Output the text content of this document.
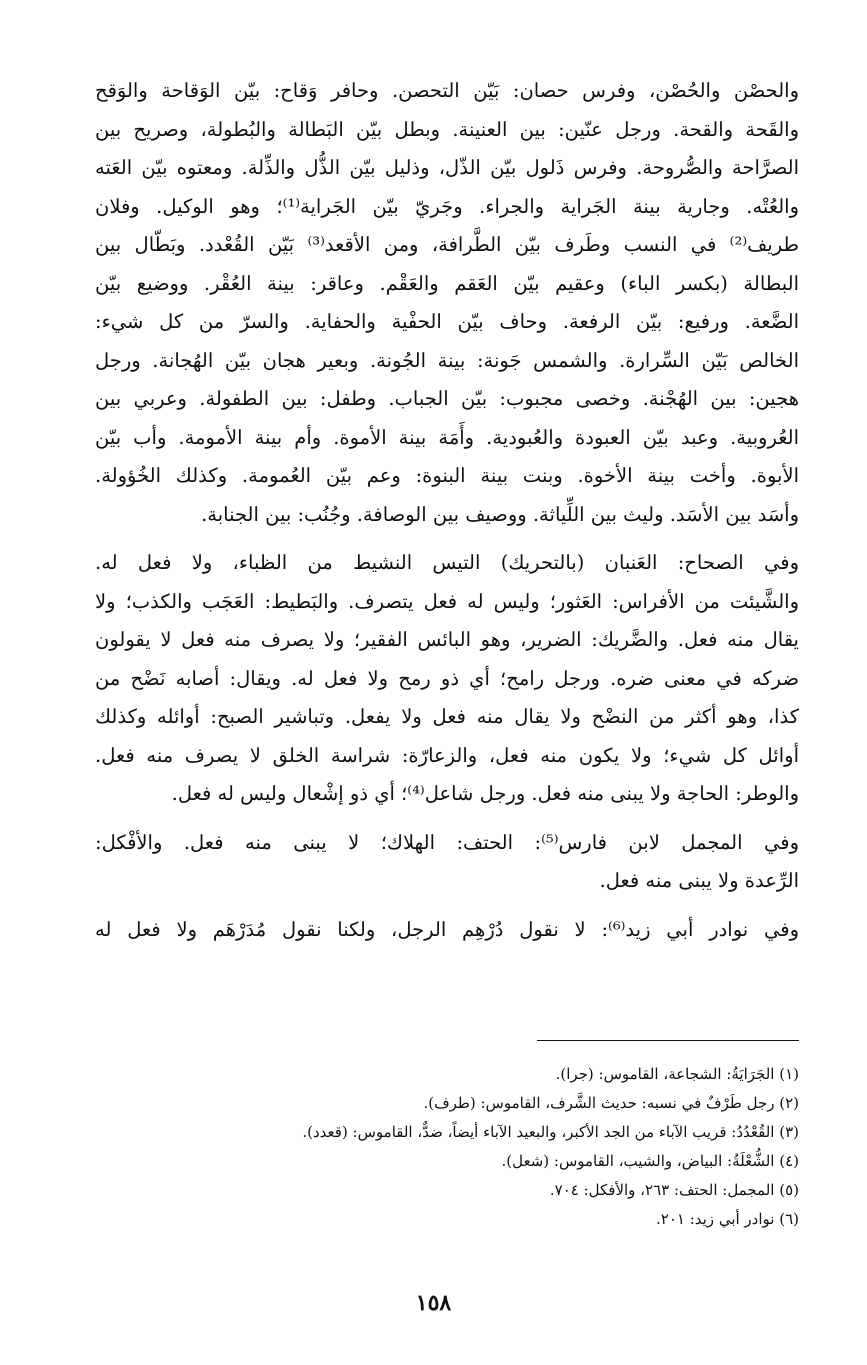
والحصْن والحُصْن، وفرس حصان: بَيّن التحصن. وحافر وَقاح: بيّن الوَقاحة والوَقح
والقَحة والقحة. ورجل عنّين: بين العنينة. وبطل بيّن البَطالة والبُطولة، وصريح بين
الصرَّاحة والصُّروحة. وفرس ذَلول بيّن الذّل، وذليل بيّن الذُّل والذِّلة. ومعتوه بيّن العَته
والعُتْه. وجارية بينة الجَراية والجراء. وجَريّ بيّن الجَراية⁽¹⁾؛ وهو الوكيل. وفلان
طريف⁽²⁾ في النسب وطَرف بيّن الطَّرافة، ومن الأقعد⁽³⁾ بَيّن القُعْدد. وبَطّال بين
البطالة (بكسر الباء) وعقيم بيّن العَقم والعَقْم. وعاقر: بينة العُقْر. ووضيع بيّن
الضَّعة. ورفيع: بيّن الرفعة. وحاف بيّن الحفْية والحفاية. والسرّ من كل شيء:
الخالص بَيّن السِّرارة. والشمس جَونة: بينة الجُونة. وبعير هجان بيّن الهُجانة. ورجل
هجين: بين الهُجْنة. وخصى مجبوب: بيّن الجباب. وطفل: بين الطفولة. وعربي بين
العُروبية. وعبد بيّن العبودة والعُبودية. وأَمَة بينة الأموة. وأم بينة الأمومة. وأب بيّن
الأبوة. وأخت بينة الأخوة. وبنت بينة البنوة: وعم بيّن العُمومة. وكذلك الخُؤولة.
وأسَد بين الأسَد. وليث بين اللِّياثة. ووصيف بين الوصافة. وجُنُب: بين الجنابة.
وفي الصحاح: العَنبان (بالتحريك) التيس النشيط من الظباء، ولا فعل له.
والشَّيئت من الأفراس: العَثور؛ وليس له فعل يتصرف. والبَطيط: العَجَب والكذب؛ ولا
يقال منه فعل. والضَّريك: الضرير، وهو البائس الفقير؛ ولا يصرف منه فعل لا يقولون
ضركه في معنى ضره. ورجل رامح؛ أي ذو رمح ولا فعل له. ويقال: أصابه نَضْح من
كذا، وهو أكثر من النضْح ولا يقال منه فعل ولا يفعل. وتباشير الصبح: أوائله وكذلك
أوائل كل شيء؛ ولا يكون منه فعل، والزعارّة: شراسة الخلق لا يصرف منه فعل.
والوطر: الحاجة ولا يبنى منه فعل. ورجل شاعل⁽⁴⁾؛ أي ذو إشْعال وليس له فعل.
وفي المجمل لابن فارس⁽⁵⁾: الحتف: الهلاك؛ لا يبنى منه فعل. والأفْكل:
الرِّعدة ولا يبنى منه فعل.
وفي نوادر أبي زيد⁽⁶⁾: لا نقول دُرْهِم الرجل، ولكنا نقول مُدَرْهَم ولا فعل له
(١) الجَرَايَةُ: الشجاعة، القاموس: (جرا).
(٢) رجل طَرْفٌ في نسبه: حديث الشَّرف، القاموس: (طرف).
(٣) القُعْدُدُ: قريب الآباء من الجد الأكبر، والبعيد الآباء أيضاً، ضدٌّ، القاموس: (قعدد).
(٤) الشُّعْلَةُ: البياض، والشيب، القاموس: (شعل).
(٥) المجمل: الحتف: ٢٦٣، والأفكل: ٧٠٤.
(٦) نوادر أبي زيد: ٢٠١.
١٥٨
